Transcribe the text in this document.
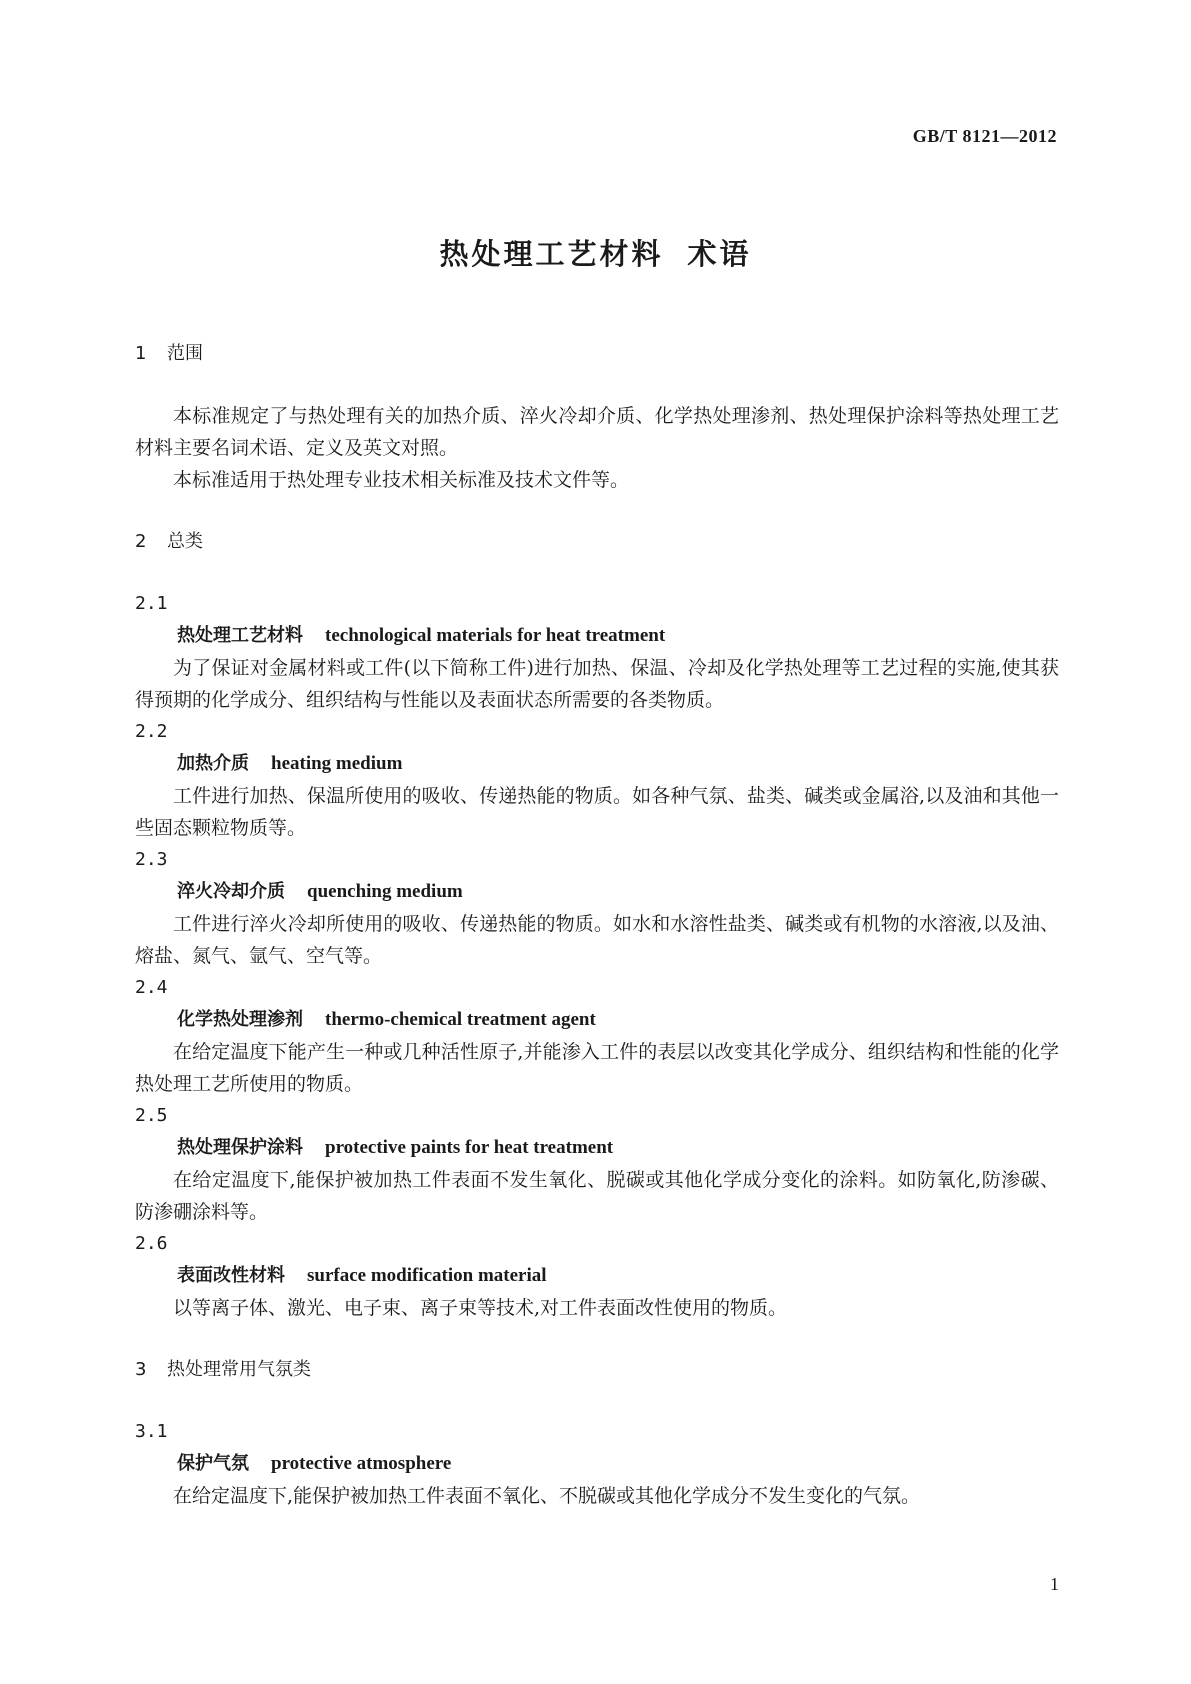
GB/T 8121—2012
热处理工艺材料 术语
1 范围

本标准规定了与热处理有关的加热介质、淬火冷却介质、化学热处理渗剂、热处理保护涂料等热处理工艺材料主要名词术语、定义及英文对照。

本标准适用于热处理专业技术相关标准及技术文件等。

2 总类
2.1
热处理工艺材料 technological materials for heat treatment

为了保证对金属材料或工件(以下简称工件)进行加热、保温、冷却及化学热处理等工艺过程的实施,使其获得预期的化学成分、组织结构与性能以及表面状态所需要的各类物质。

2.2
加热介质 heating medium

工件进行加热、保温所使用的吸收、传递热能的物质。如各种气氛、盐类、碱类或金属浴,以及油和其他一些固态颗粒物质等。

2.3
淬火冷却介质 quenching medium

工件进行淬火冷却所使用的吸收、传递热能的物质。如水和水溶性盐类、碱类或有机物的水溶液,以及油、熔盐、氮气、氩气、空气等。

2.4
化学热处理渗剂 thermo-chemical treatment agent

在给定温度下能产生一种或几种活性原子,并能渗入工件的表层以改变其化学成分、组织结构和性能的化学热处理工艺所使用的物质。

2.5
热处理保护涂料 protective paints for heat treatment

在给定温度下,能保护被加热工件表面不发生氧化、脱碳或其他化学成分变化的涂料。如防氧化,防渗碳、防渗硼涂料等。

2.6
表面改性材料 surface modification material

以等离子体、激光、电子束、离子束等技术,对工件表面改性使用的物质。

3 热处理常用气氛类
3.1
保护气氛 protective atmosphere

在给定温度下,能保护被加热工件表面不氧化、不脱碳或其他化学成分不发生变化的气氛。

1
